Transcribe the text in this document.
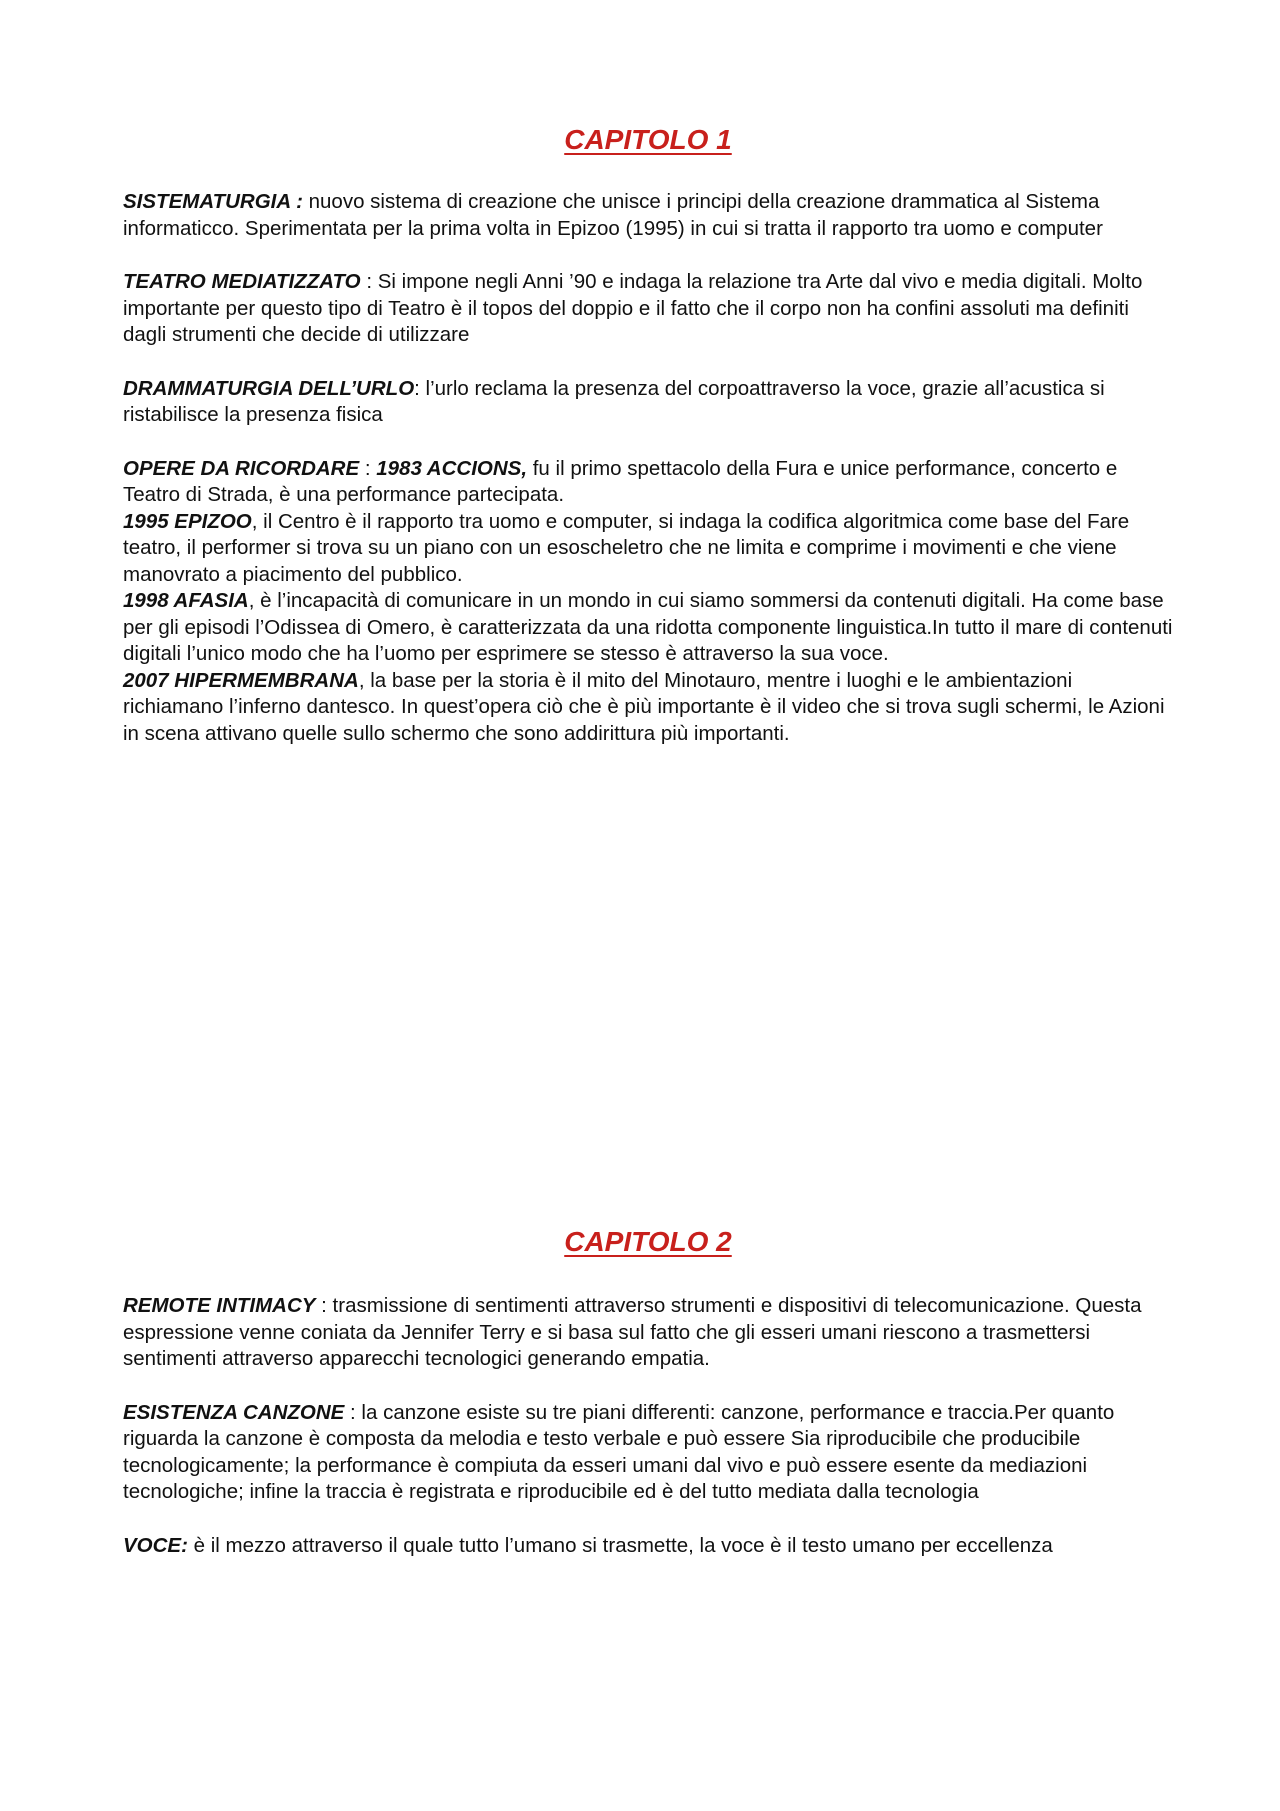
CAPITOLO 1

SISTEMATURGIA : nuovo sistema di creazione che unisce i principi della creazione drammatica al Sistema informaticco. Sperimentata per la prima volta in Epizoo (1995) in cui si tratta il rapporto tra uomo e computer

TEATRO MEDIATIZZATO : Si impone negli Anni ’90 e indaga la relazione tra Arte dal vivo e media digitali. Molto importante per questo tipo di Teatro è il topos del doppio e il fatto che il corpo non ha confini assoluti ma definiti dagli strumenti che decide di utilizzare

DRAMMATURGIA DELL’URLO: l’urlo reclama la presenza del corpoattraverso la voce, grazie all’acustica si ristabilisce la presenza fisica

OPERE DA RICORDARE : 1983 ACCIONS, fu il primo spettacolo della Fura e unice performance, concerto e Teatro di Strada, è una performance partecipata.

1995 EPIZOO, il Centro è il rapporto tra uomo e computer, si indaga la codifica algoritmica come base del Fare teatro, il performer si trova su un piano con un esoscheletro che ne limita e comprime i movimenti e che viene manovrato a piacimento del pubblico.

1998 AFASIA, è l’incapacità di comunicare in un mondo in cui siamo sommersi da contenuti digitali. Ha come base per gli episodi l’Odissea di Omero, è caratterizzata da una ridotta componente linguistica.In tutto il mare di contenuti digitali l’unico modo che ha l’uomo per esprimere se stesso è attraverso la sua voce.

2007 HIPERMEMBRANA, la base per la storia è il mito del Minotauro, mentre i luoghi e le ambientazioni richiamano l’inferno dantesco. In quest’opera ciò che è più importante è il video che si trova sugli schermi, le Azioni in scena attivano quelle sullo schermo che sono addirittura più importanti.

CAPITOLO 2

REMOTE INTIMACY : trasmissione di sentimenti attraverso strumenti e dispositivi di telecomunicazione. Questa espressione venne coniata da Jennifer Terry e si basa sul fatto che gli esseri umani riescono a trasmettersi sentimenti attraverso apparecchi tecnologici generando empatia.

ESISTENZA CANZONE : la canzone esiste su tre piani differenti: canzone, performance e traccia.Per quanto riguarda la canzone è composta da melodia e testo verbale e può essere Sia riproducibile che producibile tecnologicamente; la performance è compiuta da esseri umani dal vivo e può essere esente da mediazioni tecnologiche; infine la traccia è registrata e riproducibile ed è del tutto mediata dalla tecnologia

VOCE: è il mezzo attraverso il quale tutto l’umano si trasmette, la voce è il testo umano per eccellenza
